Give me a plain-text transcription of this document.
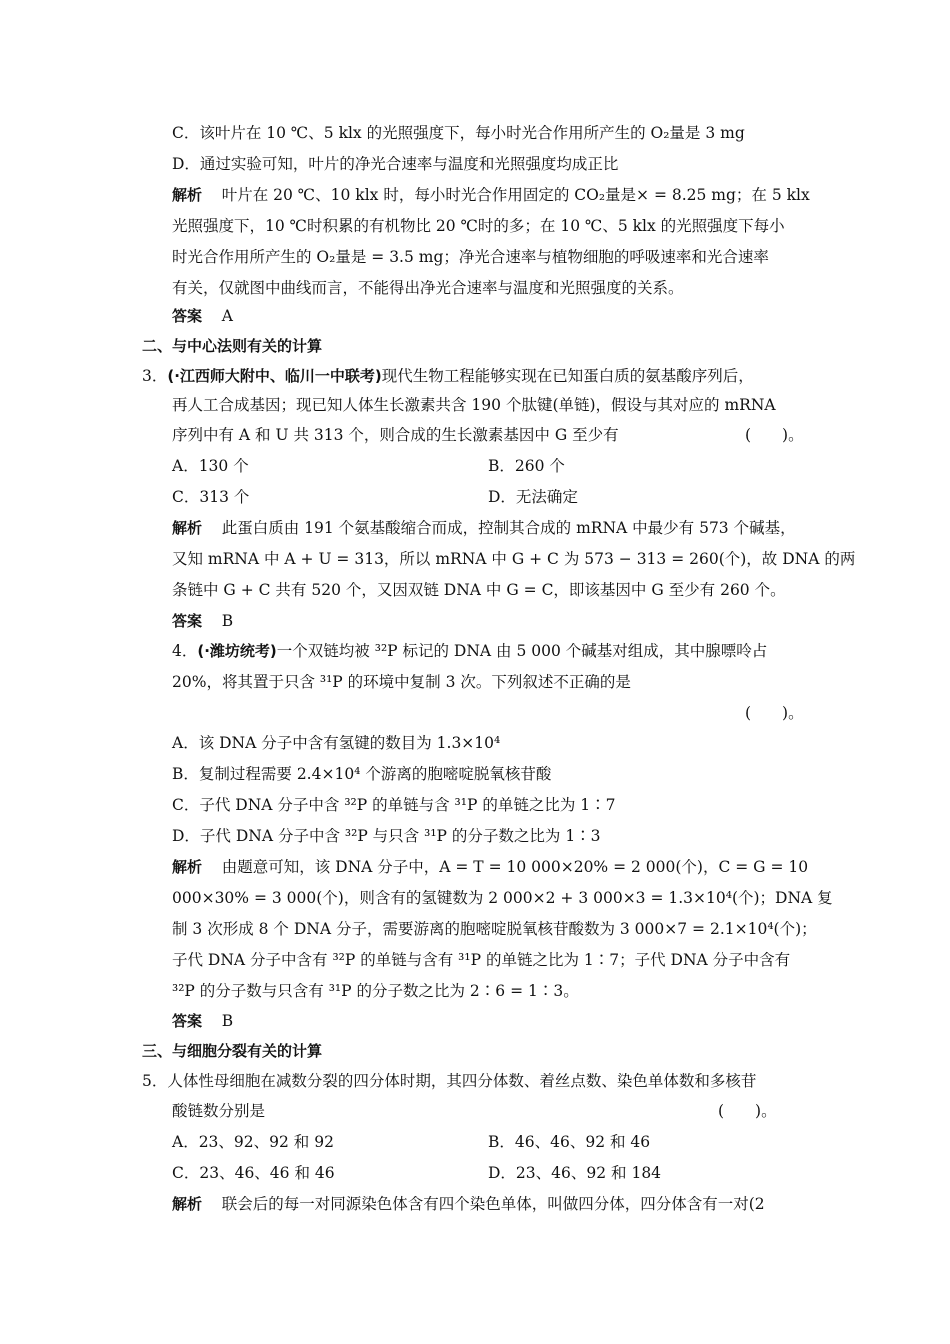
C．该叶片在 10 ℃、5 klx 的光照强度下，每小时光合作用所产生的 O₂量是 3 mg
D．通过实验可知，叶片的净光合速率与温度和光照强度均成正比
解析 叶片在 20 ℃、10 klx 时，每小时光合作用固定的 CO₂量是× = 8.25 mg；在 5 klx
光照强度下，10 ℃时积累的有机物比 20 ℃时的多；在 10 ℃、5 klx 的光照强度下每小
时光合作用所产生的 O₂量是 = 3.5 mg；净光合速率与植物细胞的呼吸速率和光合速率
有关，仅就图中曲线而言，不能得出净光合速率与温度和光照强度的关系。
答案 A
二、与中心法则有关的计算
3．(·江西师大附中、临川一中联考)现代生物工程能够实现在已知蛋白质的氨基酸序列后，
再人工合成基因；现已知人体生长激素共含 190 个肽键(单链)，假设与其对应的 mRNA
序列中有 A 和 U 共 313 个，则合成的生长激素基因中 G 至少有	(　　)。
A．130 个	B．260 个
C．313 个	D．无法确定
解析 此蛋白质由 191 个氨基酸缩合而成，控制其合成的 mRNA 中最少有 573 个碱基，
又知 mRNA 中 A + U = 313，所以 mRNA 中 G + C 为 573 − 313 = 260(个)，故 DNA 的两
条链中 G + C 共有 520 个，又因双链 DNA 中 G = C，即该基因中 G 至少有 260 个。
答案 B
4．(·潍坊统考)一个双链均被 ³²P 标记的 DNA 由 5 000 个碱基对组成，其中腺嘌呤占
20%，将其置于只含 ³¹P 的环境中复制 3 次。下列叙述不正确的是
(　　)。
A．该 DNA 分子中含有氢键的数目为 1.3×10⁴
B．复制过程需要 2.4×10⁴ 个游离的胞嘧啶脱氧核苷酸
C．子代 DNA 分子中含 ³²P 的单链与含 ³¹P 的单链之比为 1∶7
D．子代 DNA 分子中含 ³²P 与只含 ³¹P 的分子数之比为 1∶3
解析 由题意可知，该 DNA 分子中，A = T = 10 000×20% = 2 000(个)，C = G = 10
000×30% = 3 000(个)，则含有的氢键数为 2 000×2 + 3 000×3 = 1.3×10⁴(个)；DNA 复
制 3 次形成 8 个 DNA 分子，需要游离的胞嘧啶脱氧核苷酸数为 3 000×7 = 2.1×10⁴(个)；
子代 DNA 分子中含有 ³²P 的单链与含有 ³¹P 的单链之比为 1∶7；子代 DNA 分子中含有
³²P 的分子数与只含有 ³¹P 的分子数之比为 2∶6 = 1∶3。
答案 B
三、与细胞分裂有关的计算
5．人体性母细胞在减数分裂的四分体时期，其四分体数、着丝点数、染色单体数和多核苷
酸链数分别是	(　　)。
A．23、92、92 和 92	B．46、46、92 和 46
C．23、46、46 和 46	D．23、46、92 和 184
解析 联会后的每一对同源染色体含有四个染色单体，叫做四分体，四分体含有一对(2
